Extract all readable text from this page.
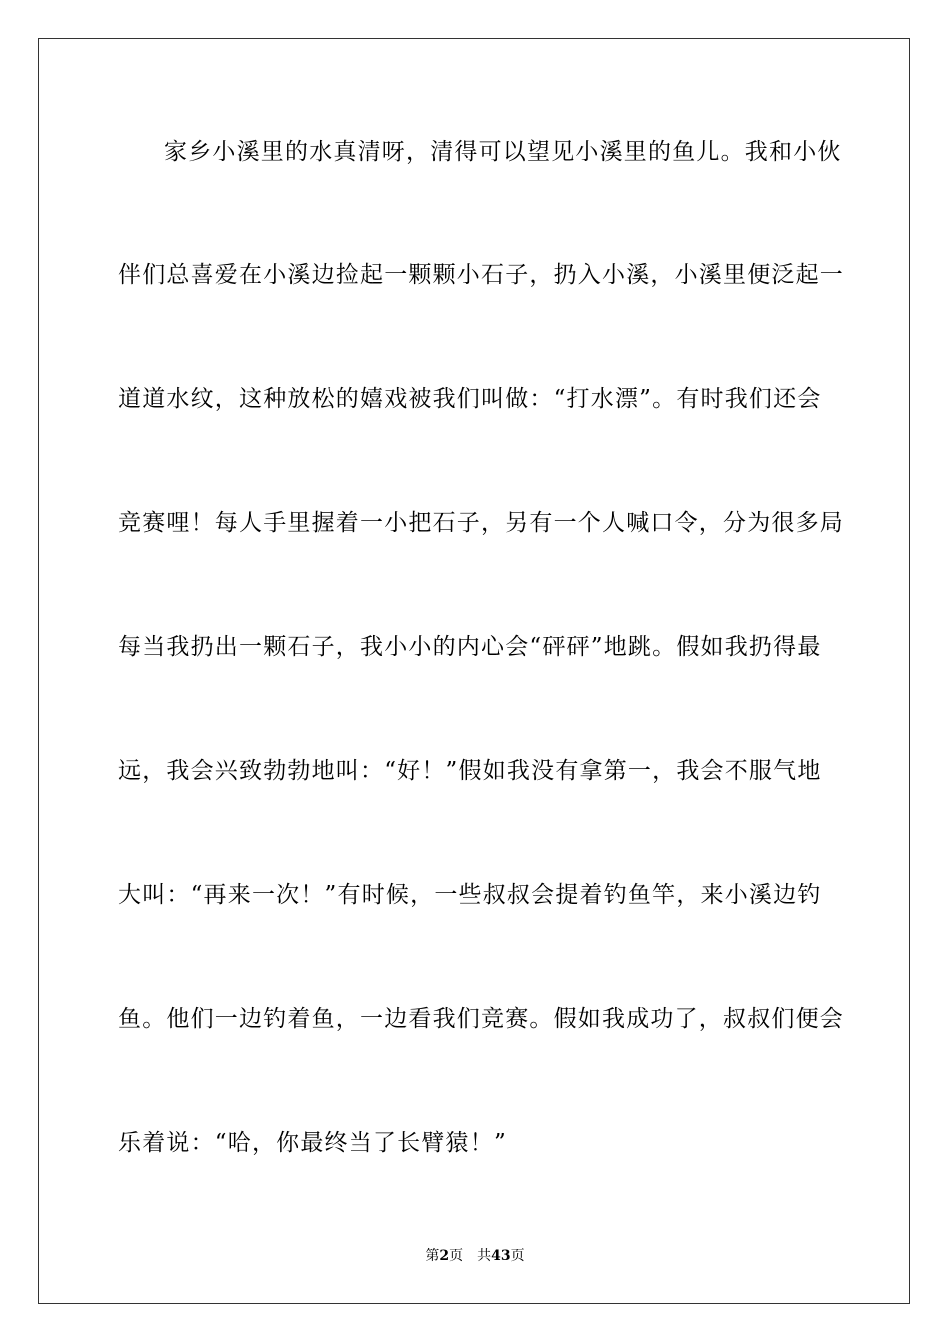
家乡小溪里的水真清呀，清得可以望见小溪里的鱼儿。我和小伙
伴们总喜爱在小溪边捡起一颗颗小石子，扔入小溪，小溪里便泛起一
道道水纹，这种放松的嬉戏被我们叫做：“打水漂”。有时我们还会
竞赛哩！每人手里握着一小把石子，另有一个人喊口令，分为很多局
每当我扔出一颗石子，我小小的内心会“砰砰”地跳。假如我扔得最
远，我会兴致勃勃地叫：“好！”假如我没有拿第一，我会不服气地
大叫：“再来一次！”有时候，一些叔叔会提着钓鱼竿，来小溪边钓
鱼。他们一边钓着鱼，一边看我们竞赛。假如我成功了，叔叔们便会
乐着说：“哈，你最终当了长臂猿！”
第2页 共43页
